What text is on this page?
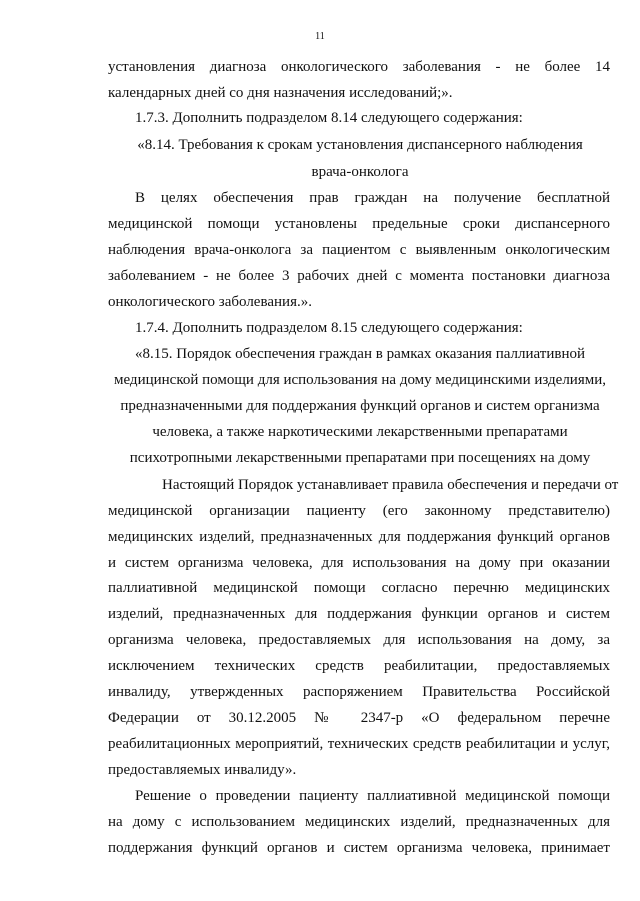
11
установления диагноза онкологического заболевания - не более 14
календарных дней со дня назначения исследований;».
1.7.3. Дополнить подразделом 8.14 следующего содержания:
«8.14. Требования к срокам установления диспансерного наблюдения
врача-онколога
В целях обеспечения прав граждан на получение бесплатной
медицинской помощи установлены предельные сроки диспансерного
наблюдения врача-онколога за пациентом с выявленным онкологическим
заболеванием - не более 3 рабочих дней с момента постановки диагноза
онкологического заболевания.».
1.7.4. Дополнить подразделом 8.15 следующего содержания:
«8.15. Порядок обеспечения граждан в рамках оказания паллиативной
медицинской помощи для использования на дому медицинскими изделиями,
предназначенными для поддержания функций органов и систем организма
человека, а также наркотическими лекарственными препаратами
психотропными лекарственными препаратами при посещениях на дому
Настоящий Порядок устанавливает правила обеспечения и передачи от
медицинской организации пациенту (его законному представителю)
медицинских изделий, предназначенных для поддержания функций органов
и систем организма человека, для использования на дому при оказании
паллиативной медицинской помощи согласно перечню медицинских
изделий, предназначенных для поддержания функции органов и систем
организма человека, предоставляемых для использования на дому, за
исключением технических средств реабилитации, предоставляемых
инвалиду, утвержденных распоряжением Правительства Российской
Федерации от 30.12.2005 № 2347-р «О федеральном перечне
реабилитационных мероприятий, технических средств реабилитации и услуг,
предоставляемых инвалиду».
Решение о проведении пациенту паллиативной медицинской помощи
на дому с использованием медицинских изделий, предназначенных для
поддержания функций органов и систем организма человека, принимает
